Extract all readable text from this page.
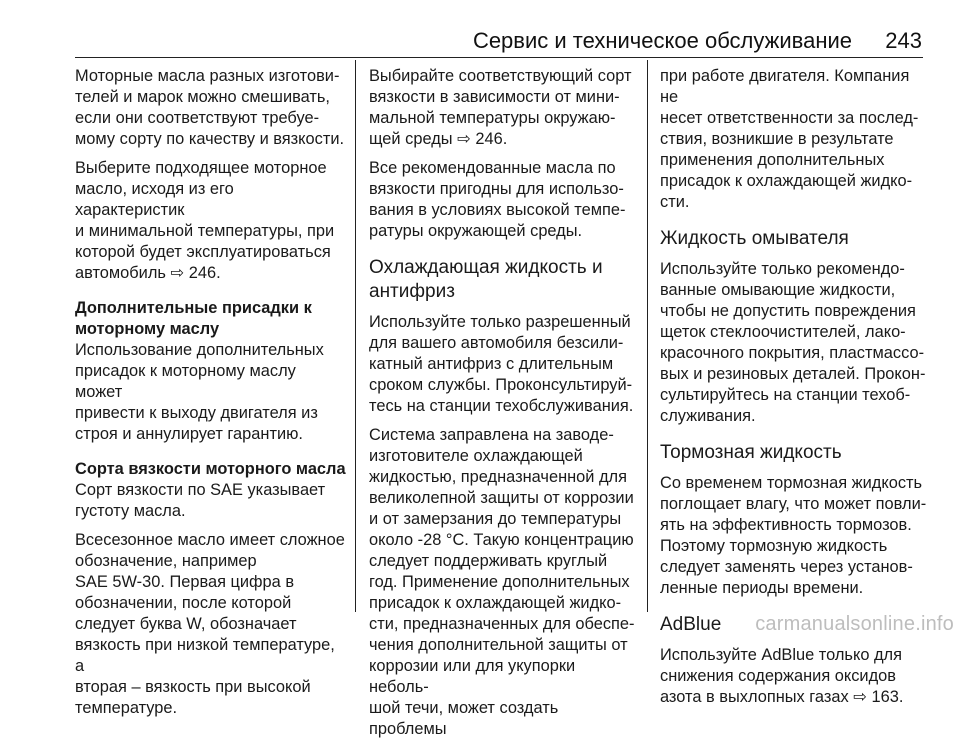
Сервис и техническое обслуживание 243

Моторные масла разных изготови-
телей и марок можно смешивать,
если они соответствуют требуе-
мому сорту по качеству и вязкости.

Выберите подходящее моторное
масло, исходя из его характеристик
и минимальной температуры, при
которой будет эксплуатироваться
автомобиль ⇨ 246.

Дополнительные присадки к
моторному маслу

Использование дополнительных
присадок к моторному маслу может
привести к выходу двигателя из
строя и аннулирует гарантию.

Сорта вязкости моторного масла

Сорт вязкости по SAE указывает
густоту масла.

Всесезонное масло имеет сложное
обозначение, например
SAE 5W-30. Первая цифра в
обозначении, после которой
следует буква W, обозначает
вязкость при низкой температуре, а
вторая – вязкость при высокой
температуре.

Выбирайте соответствующий сорт
вязкости в зависимости от мини-
мальной температуры окружаю-
щей среды ⇨ 246.

Все рекомендованные масла по
вязкости пригодны для использо-
вания в условиях высокой темпе-
ратуры окружающей среды.

Охлаждающая жидкость и
антифриз

Используйте только разрешенный
для вашего автомобиля безсили-
катный антифриз с длительным
сроком службы. Проконсультируй-
тесь на станции техобслуживания.

Система заправлена на заводе-
изготовителе охлаждающей
жидкостью, предназначенной для
великолепной защиты от коррозии
и от замерзания до температуры
около -28 °C. Такую концентрацию
следует поддерживать круглый
год. Применение дополнительных
присадок к охлаждающей жидко-
сти, предназначенных для обеспе-
чения дополнительной защиты от
коррозии или для укупорки неболь-
шой течи, может создать проблемы

при работе двигателя. Компания не
несет ответственности за послед-
ствия, возникшие в результате
применения дополнительных
присадок к охлаждающей жидко-
сти.

Жидкость омывателя

Используйте только рекомендо-
ванные омывающие жидкости,
чтобы не допустить повреждения
щеток стеклоочистителей, лако-
красочного покрытия, пластмассо-
вых и резиновых деталей. Прокон-
сультируйтесь на станции техоб-
служивания.

Тормозная жидкость

Со временем тормозная жидкость
поглощает влагу, что может повли-
ять на эффективность тормозов.
Поэтому тормозную жидкость
следует заменять через установ-
ленные периоды времени.

AdBlue

Используйте AdBlue только для
снижения содержания оксидов
азота в выхлопных газах ⇨ 163.

carmanualsonline.info
